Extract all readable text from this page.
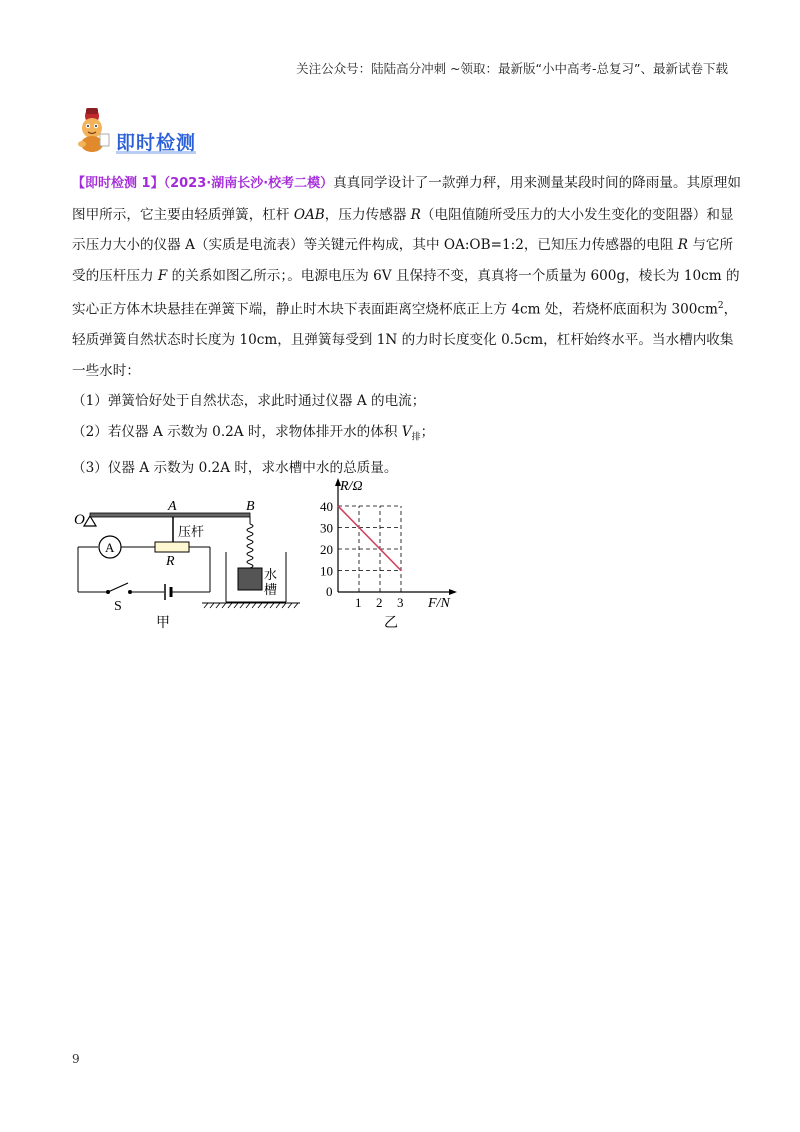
关注公众号：陆陆高分冲刺 ~领取：最新版“小中高考-总复习”、最新试卷下载
即时检测

【即时检测 1】（2023·湖南长沙·校考二模）真真同学设计了一款弹力秤，用来测量某段时间的降雨量。其原理如图甲所示，它主要由轻质弹簧，杠杆 OAB，压力传感器 R（电阻值随所受压力的大小发生变化的变阻器）和显示压力大小的仪器 A（实质是电流表）等关键元件构成，其中 OA:OB=1:2，已知压力传感器的电阻 R 与它所受的压杆压力 F 的关系如图乙所示；。电源电压为 6V 且保持不变，真真将一个质量为 600g，棱长为 10cm 的实心正方体木块悬挂在弹簧下端，静止时木块下表面距离空烧杯底正上方 4cm 处，若烧杯底面积为 $300cm^2$，轻质弹簧自然状态时长度为 10cm，且弹簧每受到 1N 的力时长度变化 0.5cm，杠杆始终水平。当水槽内收集一些水时：

（1）弹簧恰好处于自然状态，求此时通过仪器 A 的电流；

（2）若仪器 A 示数为 0.2A 时，求物体排开水的体积 $V_排$；

（3）仪器 A 示数为 0.2A 时，求水槽中水的总质量。

O
A	B
压杆
R
A
S
水
槽
甲
R/Ω
F/N
0
乙
10
20
30
40
1 2 3
9
